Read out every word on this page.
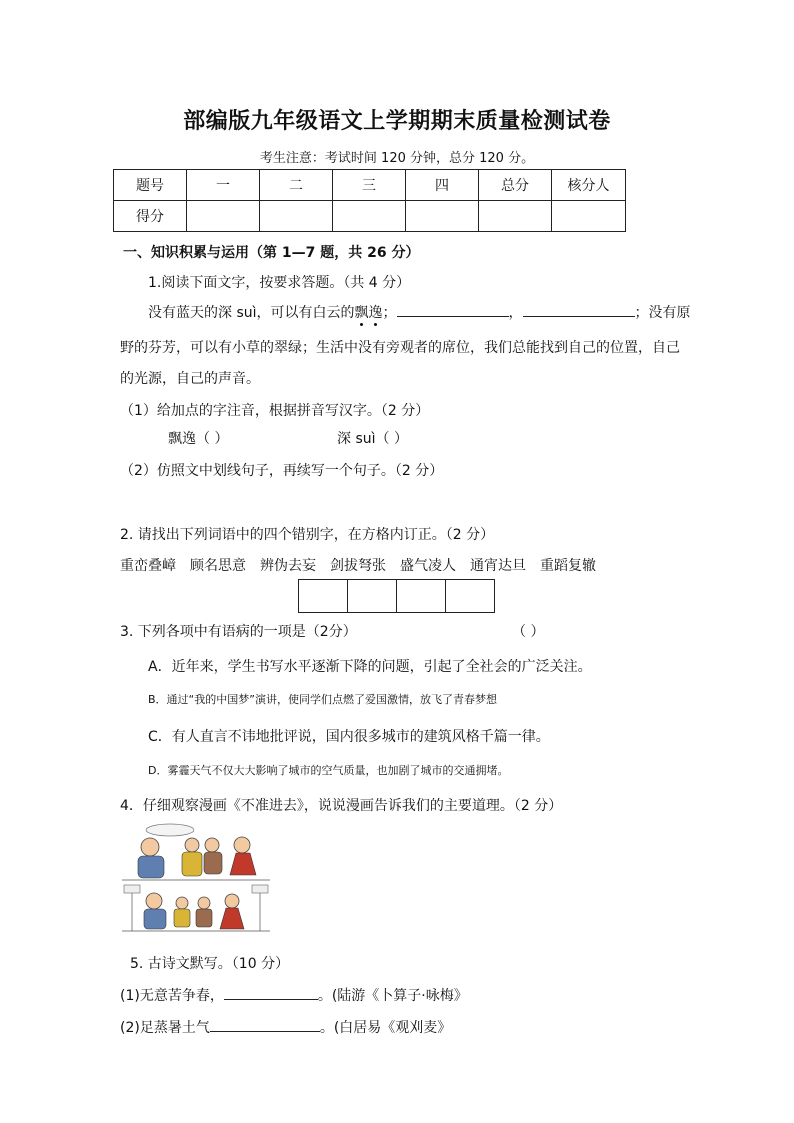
部编版九年级语文上学期期末质量检测试卷
考生注意：考试时间 120 分钟，总分 120 分。
题号	一	二	三	四	总分	核分人
得分						
一、知识积累与运用（第 1—7 题，共 26 分）
1.阅读下面文字，按要求答题。（共 4 分）
没有蓝天的深 suì，可以有白云的飘逸；	，	；没有原
野的芬芳，可以有小草的翠绿；生活中没有旁观者的席位，我们总能找到自己的位置，自己
的光源，自己的声音。
（1）给加点的字注音，根据拼音写汉字。（2 分）
飘逸（ ）	深 suì（ ）
（2）仿照文中划线句子，再续写一个句子。（2 分）
2. 请找出下列词语中的四个错别字，在方格内订正。（2 分）
重峦叠嶂　顾名思意　辨伪去妄　剑拔弩张　盛气凌人　通宵达旦　重蹈复辙
3. 下列各项中有语病的一项是（2分）	（ ）
A．近年来，学生书写水平逐渐下降的问题，引起了全社会的广泛关注。
B．通过“我的中国梦”演讲，使同学们点燃了爱国激情，放飞了青春梦想
C．有人直言不讳地批评说，国内很多城市的建筑风格千篇一律。
D．雾霾天气不仅大大影响了城市的空气质量，也加剧了城市的交通拥堵。
4．仔细观察漫画《不准进去》，说说漫画告诉我们的主要道理。（2 分）
5. 古诗文默写。（10 分）
(1)无意苦争春，	。(陆游《卜算子·咏梅》
(2)足蒸暑土气	。(白居易《观刈麦》
